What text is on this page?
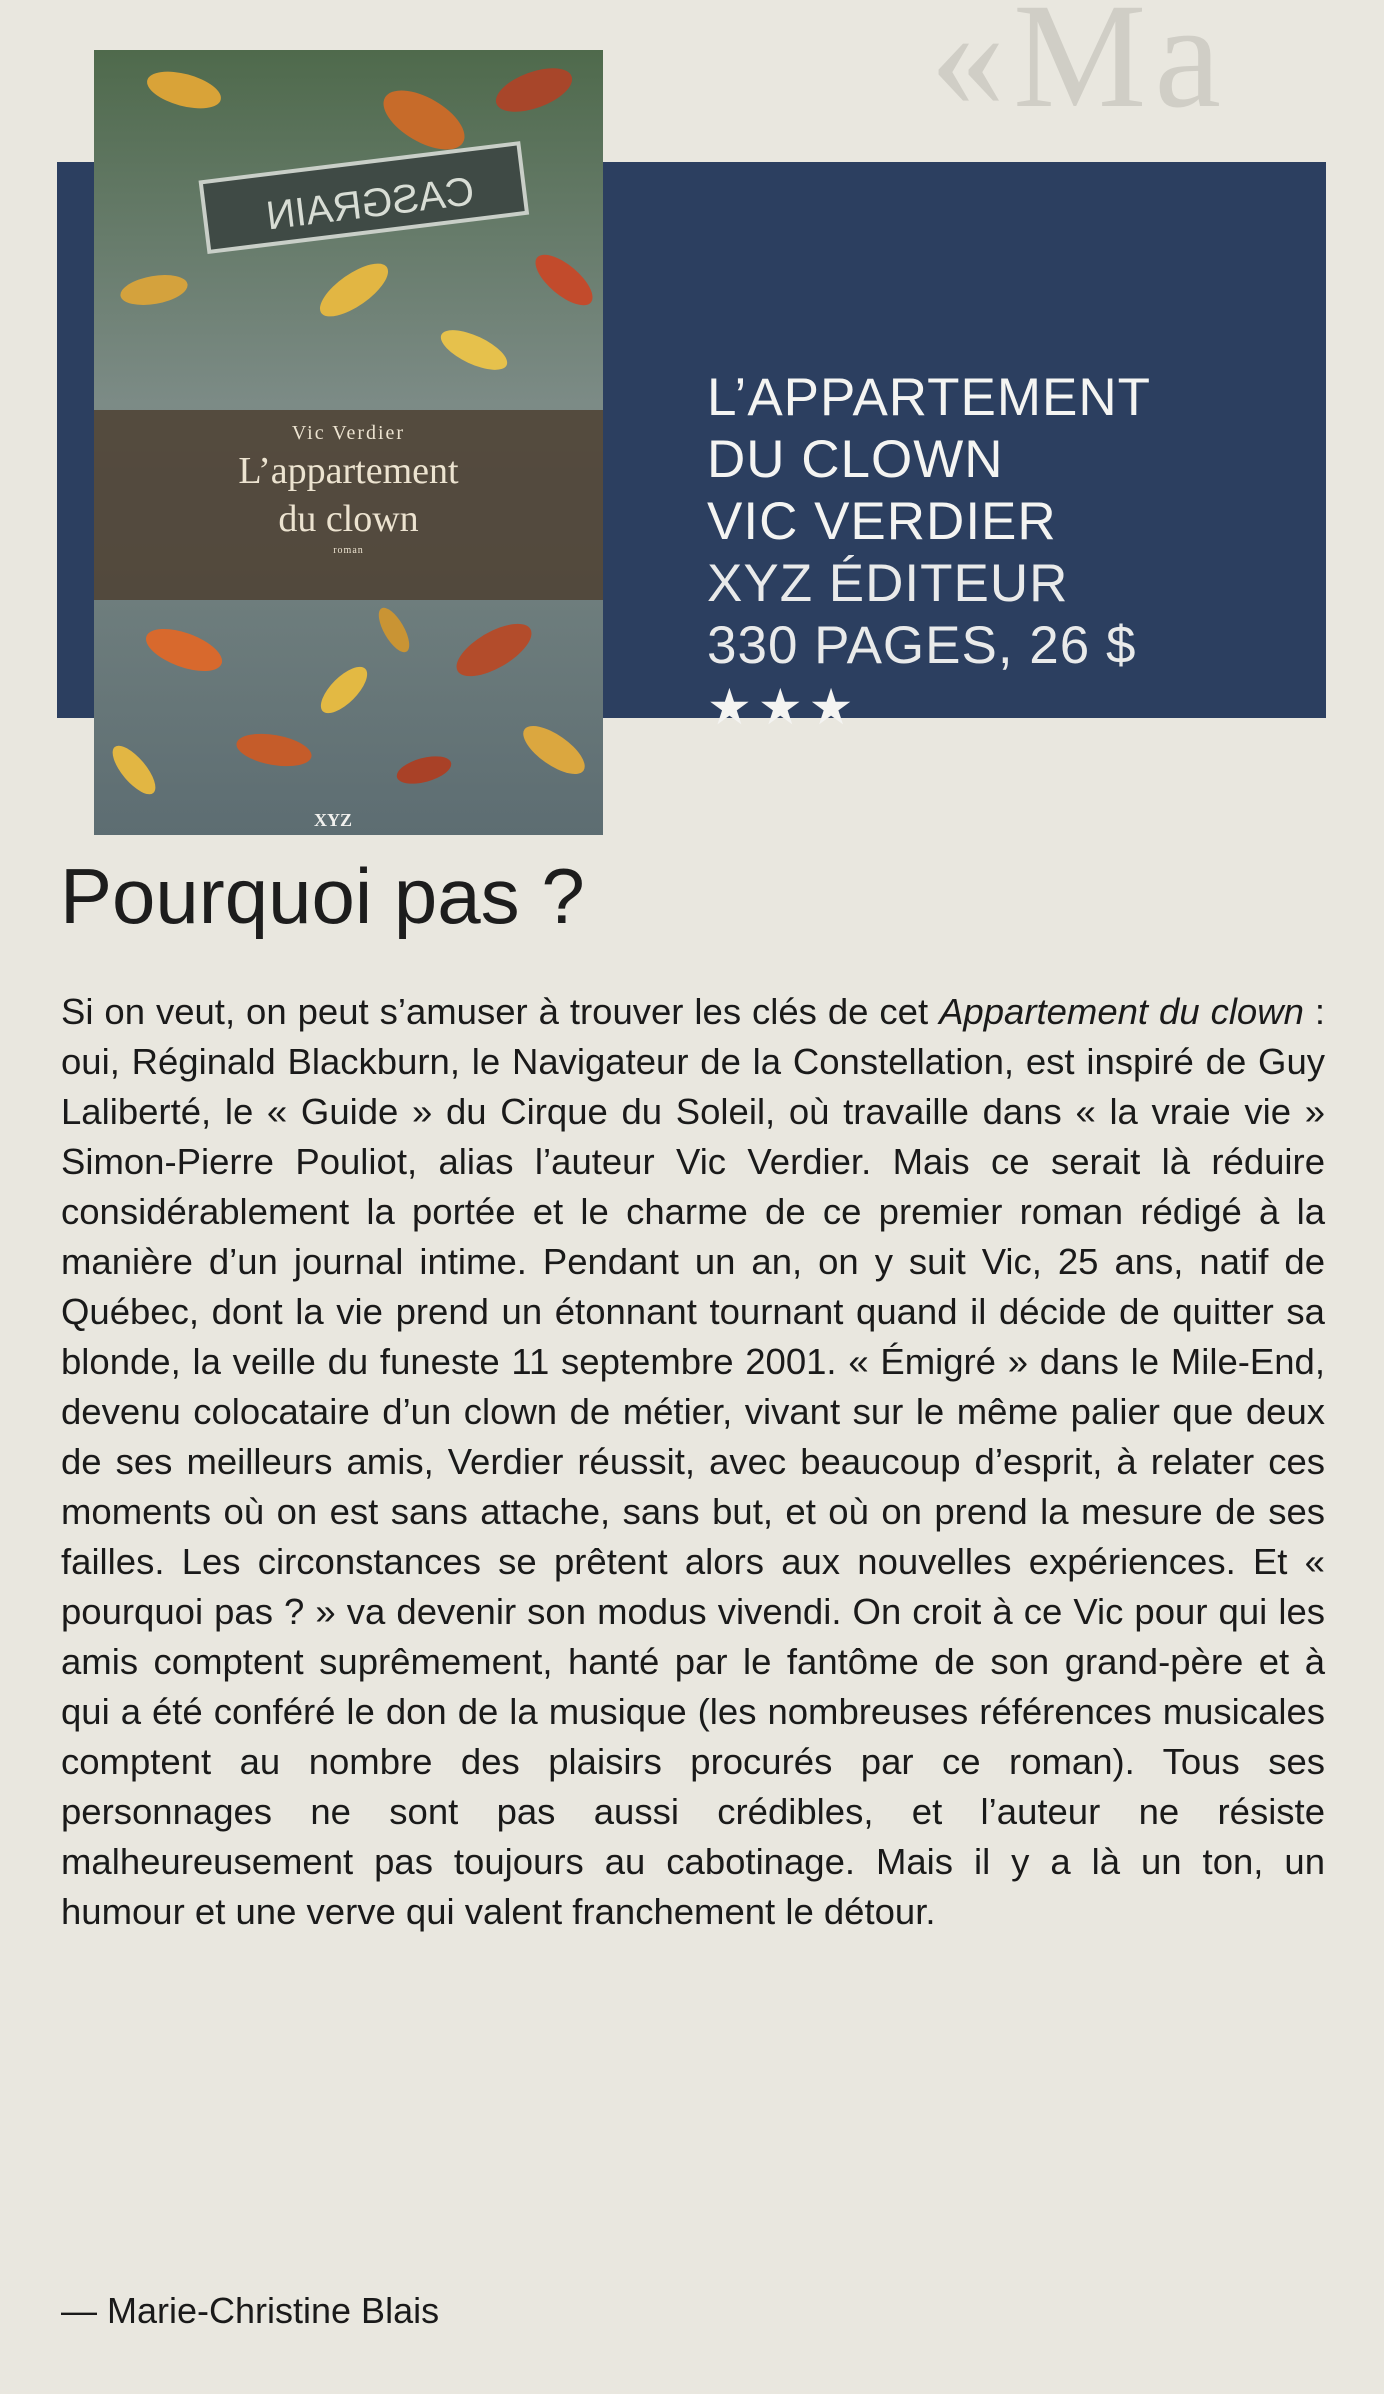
«Ma
L’APPARTEMENT
DU CLOWN
VIC VERDIER
XYZ ÉDITEUR
330 PAGES, 26 $
★★★
CASGRAIN
Vic Verdier
L’appartement
du clown
roman
XYZ
Pourquoi pas ?

Si on veut, on peut s’amuser à trouver les clés de cet Appartement du clown : oui, Réginald Blackburn, le Navigateur de la Constellation, est inspiré de Guy Laliberté, le « Guide » du Cirque du Soleil, où travaille dans « la vraie vie » Simon-Pierre Pouliot, alias l’auteur Vic Verdier. Mais ce serait là réduire considérablement la portée et le charme de ce premier roman rédigé à la manière d’un journal intime. Pendant un an, on y suit Vic, 25 ans, natif de Québec, dont la vie prend un étonnant tournant quand il décide de quitter sa blonde, la veille du funeste 11 septembre 2001. « Émigré » dans le Mile-End, devenu colocataire d’un clown de métier, vivant sur le même palier que deux de ses meilleurs amis, Verdier réussit, avec beaucoup d’esprit, à relater ces moments où on est sans attache, sans but, et où on prend la mesure de ses failles. Les circonstances se prêtent alors aux nouvelles expériences. Et « pourquoi pas ? » va devenir son modus vivendi. On croit à ce Vic pour qui les amis comptent suprêmement, hanté par le fantôme de son grand-père et à qui a été conféré le don de la musique (les nombreuses références musicales comptent au nombre des plaisirs procurés par ce roman). Tous ses personnages ne sont pas aussi crédibles, et l’auteur ne résiste malheureusement pas toujours au cabotinage. Mais il y a là un ton, un humour et une verve qui valent franchement le détour.

— Marie-Christine Blais
